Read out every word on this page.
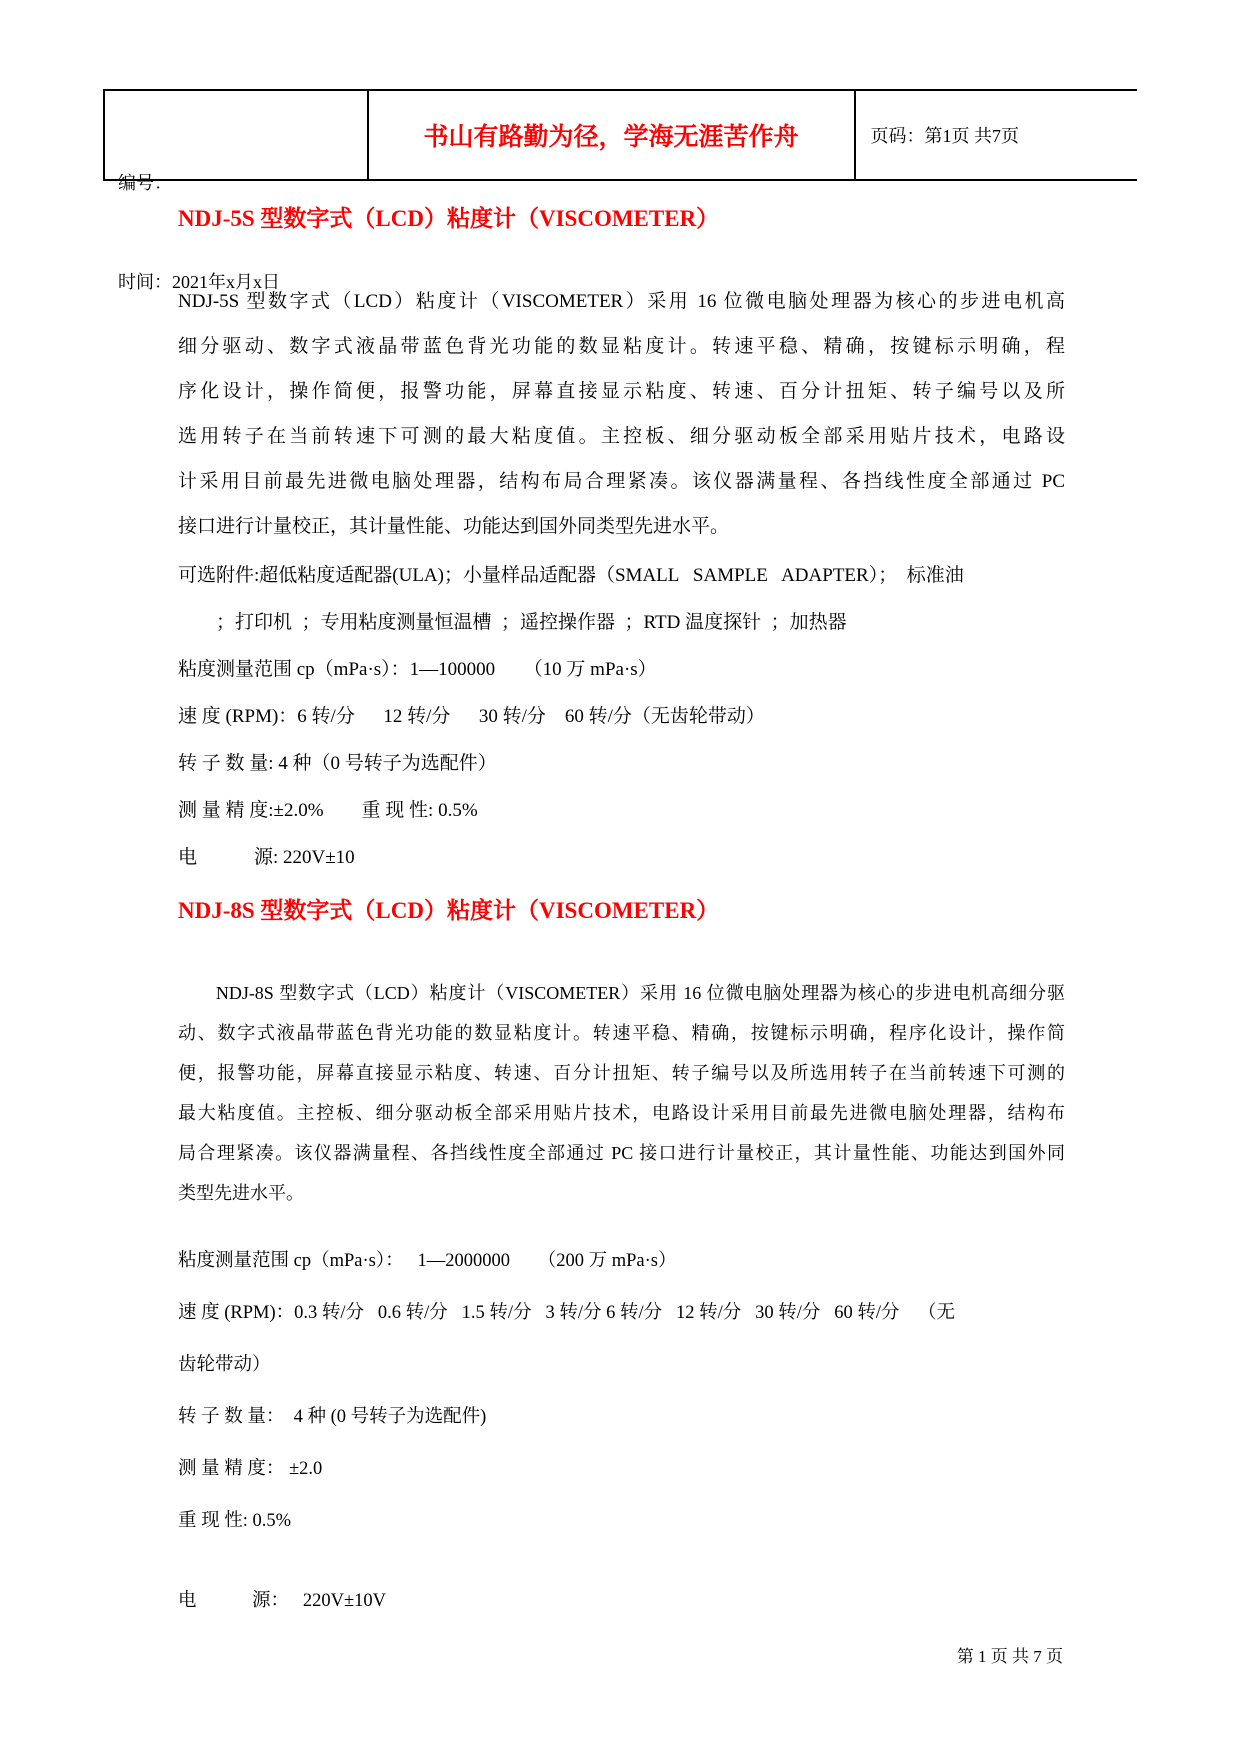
编号：

时间：2021年x月x日

书山有路勤为径，学海无涯苦作舟	页码：第1页 共7页
NDJ-5S 型数字式（LCD）粘度计（VISCOMETER）
NDJ-5S 型数字式（LCD）粘度计（VISCOMETER）采用 16 位微电脑处理器为核心的步进电机高
细分驱动、数字式液晶带蓝色背光功能的数显粘度计。转速平稳、精确，按键标示明确，程
序化设计，操作简便，报警功能，屏幕直接显示粘度、转速、百分计扭矩、转子编号以及所
选用转子在当前转速下可测的最大粘度值。主控板、细分驱动板全部采用贴片技术，电路设
计采用目前最先进微电脑处理器，结构布局合理紧凑。该仪器满量程、各挡线性度全部通过 PC
接口进行计量校正，其计量性能、功能达到国外同类型先进水平。
可选附件:超低粘度适配器(ULA)；小量样品适配器（SMALL   SAMPLE   ADAPTER）；  标准油
　　；打印机  ；专用粘度测量恒温槽  ；遥控操作器  ；RTD 温度探针  ；加热器
粘度测量范围 cp（mPa·s）：1—100000      （10 万 mPa·s）
速 度 (RPM)：6 转/分      12 转/分      30 转/分    60 转/分（无齿轮带动）
转 子 数 量: 4 种（0 号转子为选配件）
测 量 精 度:±2.0%        重 现 性: 0.5%
电　　　源: 220V±10
NDJ-8S 型数字式（LCD）粘度计（VISCOMETER）
　　NDJ-8S 型数字式（LCD）粘度计（VISCOMETER）采用 16 位微电脑处理器为核心的步进电机高细分驱
动、数字式液晶带蓝色背光功能的数显粘度计。转速平稳、精确，按键标示明确，程序化设计，操作简
便，报警功能，屏幕直接显示粘度、转速、百分计扭矩、转子编号以及所选用转子在当前转速下可测的
最大粘度值。主控板、细分驱动板全部采用贴片技术，电路设计采用目前最先进微电脑处理器，结构布
局合理紧凑。该仪器满量程、各挡线性度全部通过 PC 接口进行计量校正，其计量性能、功能达到国外同
类型先进水平。
粘度测量范围 cp（mPa·s）：   1—2000000      （200 万 mPa·s）
速 度 (RPM)：0.3 转/分   0.6 转/分   1.5 转/分   3 转/分 6 转/分   12 转/分   30 转/分   60 转/分    （无
齿轮带动）
转 子 数 量：  4 种 (0 号转子为选配件)
测 量 精 度： ±2.0
重 现 性: 0.5%
电　　　源：   220V±10V
第 1 页 共 7 页
